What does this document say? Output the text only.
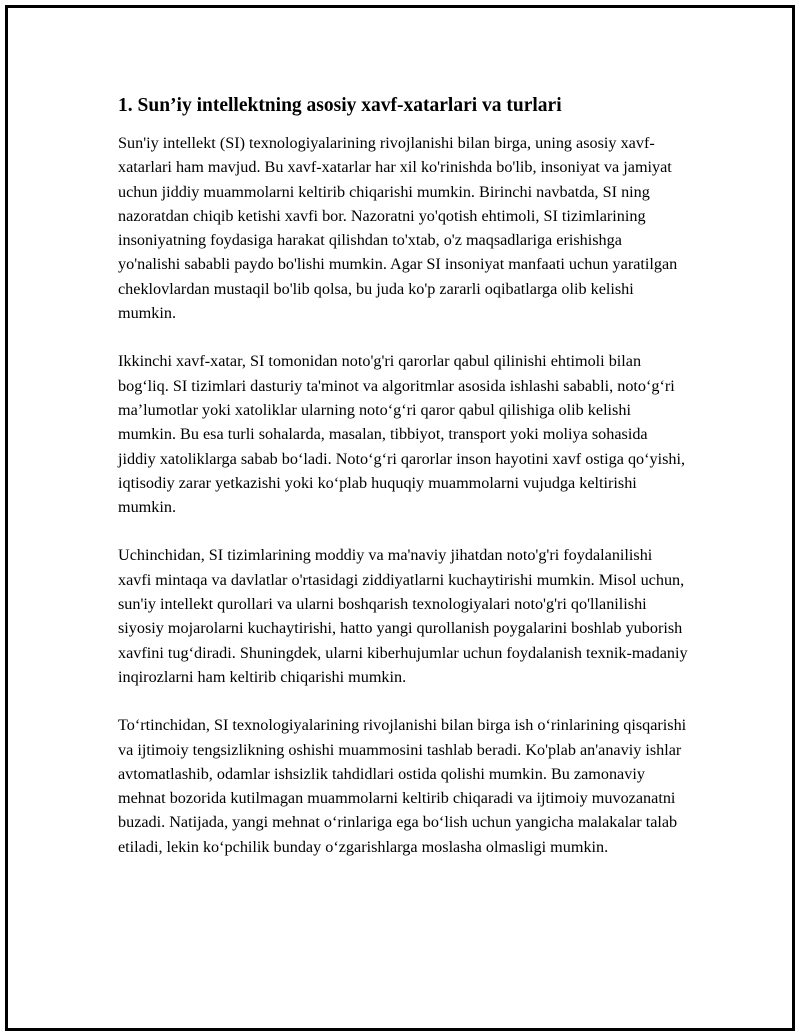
1. Sun’iy intellektning asosiy xavf-xatarlari va turlari

Sun'iy intellekt (SI) texnologiyalarining rivojlanishi bilan birga, uning asosiy xavf-xatarlari ham mavjud. Bu xavf-xatarlar har xil ko'rinishda bo'lib, insoniyat va jamiyat uchun jiddiy muammolarni keltirib chiqarishi mumkin. Birinchi navbatda, SI ning nazoratdan chiqib ketishi xavfi bor. Nazoratni yo'qotish ehtimoli, SI tizimlarining insoniyatning foydasiga harakat qilishdan to'xtab, o'z maqsadlariga erishishga yo'nalishi sababli paydo bo'lishi mumkin. Agar SI insoniyat manfaati uchun yaratilgan cheklovlardan mustaqil bo'lib qolsa, bu juda ko'p zararli oqibatlarga olib kelishi mumkin.

Ikkinchi xavf-xatar, SI tomonidan noto'g'ri qarorlar qabul qilinishi ehtimoli bilan bog‘liq. SI tizimlari dasturiy ta'minot va algoritmlar asosida ishlashi sababli, noto‘g‘ri ma’lumotlar yoki xatoliklar ularning noto‘g‘ri qaror qabul qilishiga olib kelishi mumkin. Bu esa turli sohalarda, masalan, tibbiyot, transport yoki moliya sohasida jiddiy xatoliklarga sabab bo‘ladi. Noto‘g‘ri qarorlar inson hayotini xavf ostiga qo‘yishi, iqtisodiy zarar yetkazishi yoki ko‘plab huquqiy muammolarni vujudga keltirishi mumkin.

Uchinchidan, SI tizimlarining moddiy va ma'naviy jihatdan noto'g'ri foydalanilishi xavfi mintaqa va davlatlar o'rtasidagi ziddiyatlarni kuchaytirishi mumkin. Misol uchun, sun'iy intellekt qurollari va ularni boshqarish texnologiyalari noto'g'ri qo'llanilishi siyosiy mojarolarni kuchaytirishi, hatto yangi qurollanish poygalarini boshlab yuborish xavfini tug‘diradi. Shuningdek, ularni kiberhujumlar uchun foydalanish texnik-madaniy inqirozlarni ham keltirib chiqarishi mumkin.

To‘rtinchidan, SI texnologiyalarining rivojlanishi bilan birga ish o‘rinlarining qisqarishi va ijtimoiy tengsizlikning oshishi muammosini tashlab beradi. Ko'plab an'anaviy ishlar avtomatlashib, odamlar ishsizlik tahdidlari ostida qolishi mumkin. Bu zamonaviy mehnat bozorida kutilmagan muammolarni keltirib chiqaradi va ijtimoiy muvozanatni buzadi. Natijada, yangi mehnat o‘rinlariga ega bo‘lish uchun yangicha malakalar talab etiladi, lekin ko‘pchilik bunday o‘zgarishlarga moslasha olmasligi mumkin.
